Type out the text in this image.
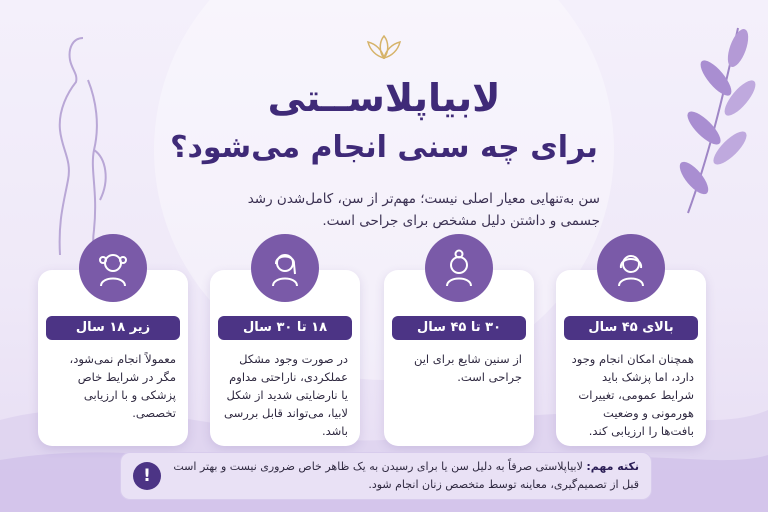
لابیاپلاســتی
برای چه سنی انجام می‌شود؟
سن به‌تنهایی معیار اصلی نیست؛ مهم‌تر از سن، کامل‌شدن رشد جسمی و داشتن دلیل مشخص برای جراحی است.
زیر ۱۸ سال
معمولاً انجام نمی‌شود، مگر در شرایط خاص پزشکی و با ارزیابی تخصصی.
۱۸ تا ۳۰ سال
در صورت وجود مشکل عملکردی، ناراحتی مداوم یا نارضایتی شدید از شکل لابیا، می‌تواند قابل بررسی باشد.
۳۰ تا ۴۵ سال
از سنین شایع برای این جراحی است.
بالای ۴۵ سال
همچنان امکان انجام وجود دارد، اما پزشک باید شرایط عمومی، تغییرات هورمونی و وضعیت بافت‌ها را ارزیابی کند.
!	نکته مهم: لابیاپلاستی صرفاً به دلیل سن یا برای رسیدن به یک ظاهر خاص ضروری نیست و بهتر است قبل از تصمیم‌گیری، معاینه توسط متخصص زنان انجام شود.
